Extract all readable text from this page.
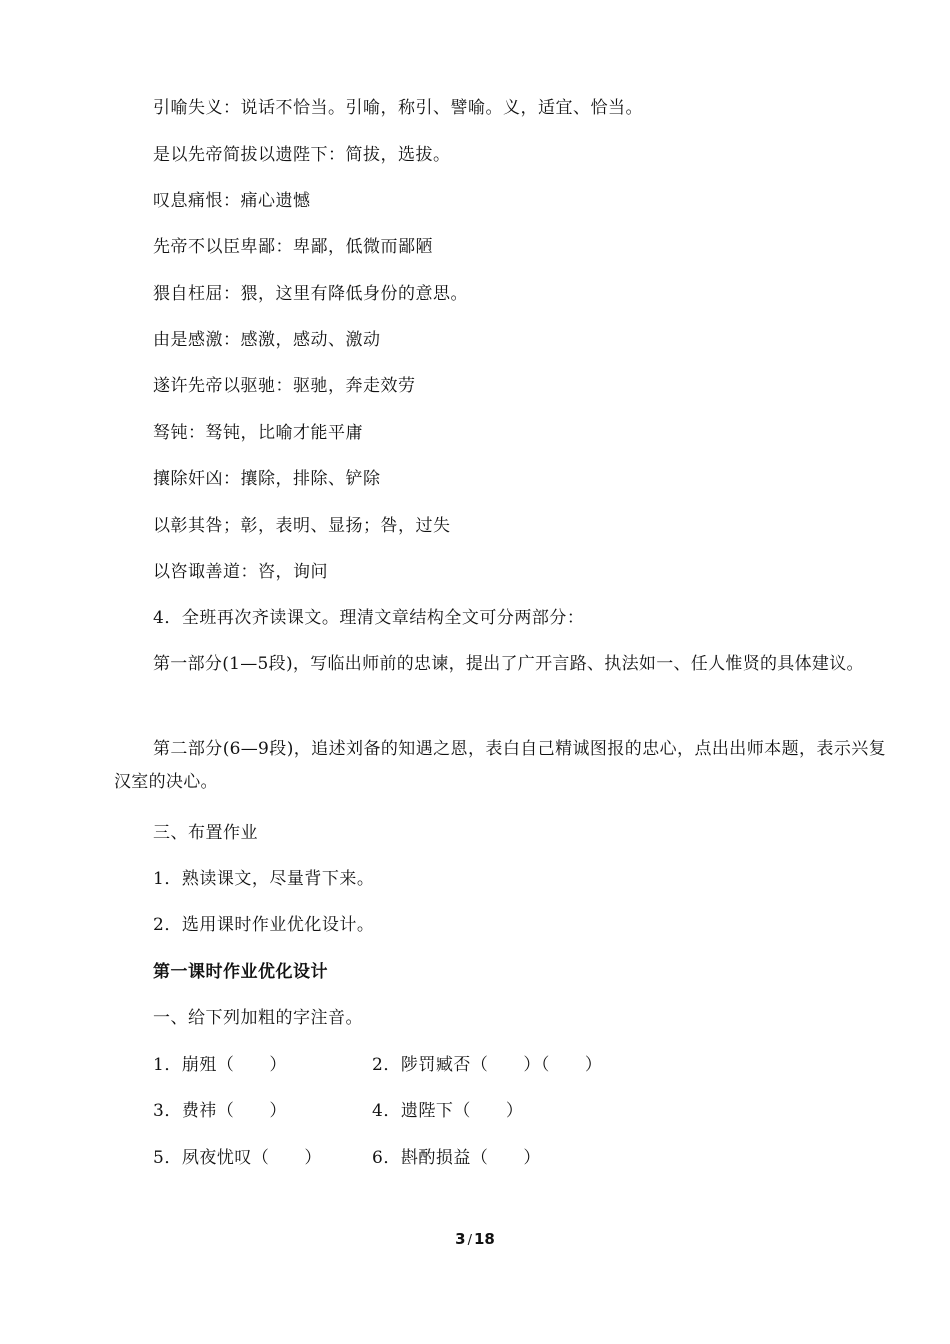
引喻失义：说话不恰当。引喻，称引、譬喻。义，适宜、恰当。
是以先帝简拔以遗陛下：简拔，选拔。
叹息痛恨：痛心遗憾
先帝不以臣卑鄙：卑鄙，低微而鄙陋
猥自枉屈：猥，这里有降低身份的意思。
由是感激：感激，感动、激动
遂许先帝以驱驰：驱驰，奔走效劳
驽钝：驽钝，比喻才能平庸
攘除奸凶：攘除，排除、铲除
以彰其咎；彰，表明、显扬；咎，过失
以咨诹善道：咨，询问
4．全班再次齐读课文。理清文章结构全文可分两部分：
第一部分(1—5段)，写临出师前的忠谏，提出了广开言路、执法如一、任人惟贤的具体建议。
第二部分(6—9段)，追述刘备的知遇之恩，表白自己精诚图报的忠心，点出出师本题，表示兴复汉室的决心。
三、布置作业
1．熟读课文，尽量背下来。
2．选用课时作业优化设计。
第一课时作业优化设计
一、给下列加粗的字注音。
1．崩殂（　　）	2．陟罚臧否（　　）（　　）
3．费祎（　　）	4．遗陛下（　　）
5．夙夜忧叹（　　）	6．斟酌损益（　　）
3 / 18
